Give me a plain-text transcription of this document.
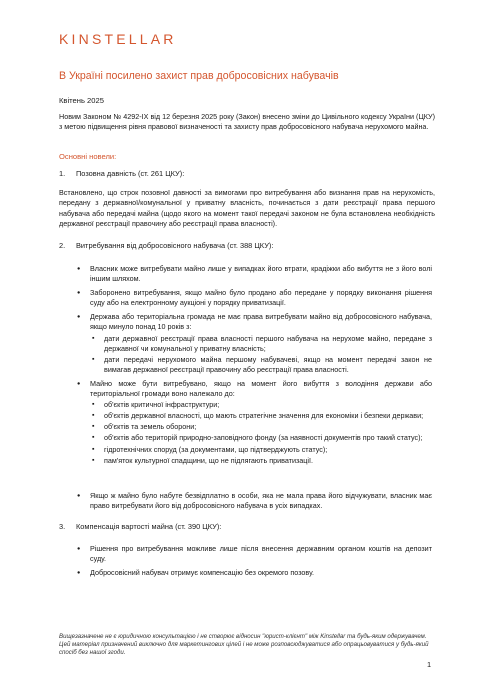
KINSTELLAR
В Україні посилено захист прав добросовісних набувачів
Квітень 2025
Новим Законом № 4292-IX від 12 березня 2025 року (Закон) внесено зміни до Цивільного кодексу України (ЦКУ) з метою підвищення рівня правової визначеності та захисту прав добросовісного набувача нерухомого майна.
Основні новели:
1. Позовна давність (ст. 261 ЦКУ):
Встановлено, що строк позовної давності за вимогами про витребування або визнання прав на нерухомість, передану з державної/комунальної у приватну власність, починається з дати реєстрації права першого набувача або передачі майна (щодо якого на момент такої передачі законом не була встановлена необхідність державної реєстрації правочину або реєстрації права власності).
2. Витребування від добросовісного набувача (ст. 388 ЦКУ):
● Власник може витребувати майно лише у випадках його втрати, крадіжки або вибуття не з його волі іншим шляхом.
● Заборонено витребування, якщо майно було продано або передане у порядку виконання рішення суду або на електронному аукціоні у порядку приватизації.
● Держава або територіальна громада не має права витребувати майно від добросовісного набувача, якщо минуло понад 10 років з:
▪ дати державної реєстрації права власності першого набувача на нерухоме майно, передане з державної чи комунальної у приватну власність;
▪ дати передачі нерухомого майна першому набувачеві, якщо на момент передачі закон не вимагав державної реєстрації правочину або реєстрації права власності.
● Майно може бути витребувано, якщо на момент його вибуття з володіння держави або територіальної громади воно належало до:
▪ об'єктів критичної інфраструктури;
▪ об'єктів державної власності, що мають стратегічне значення для економіки і безпеки держави;
▪ об'єктів та земель оборони;
▪ об'єктів або територій природно-заповідного фонду (за наявності документів про такий статус);
▪ гідротехнічних споруд (за документами, що підтверджують статус);
▪ пам'яток культурної спадщини, що не підлягають приватизації.
● Якщо ж майно було набуте безвідплатно в особи, яка не мала права його відчужувати, власник має право витребувати його від добросовісного набувача в усіх випадках.
3. Компенсація вартості майна (ст. 390 ЦКУ):
● Рішення про витребування можливе лише після внесення державним органом коштів на депозит суду.
● Добросовісний набувач отримує компенсацію без окремого позову.
Вищезазначене не є юридичною консультацією і не створює відносин "юрист-клієнт" між Kinstellar та будь-яким одержувачем. Цей матеріал призначений виключно для маркетингових цілей і не може розповсюджуватися або опрацьовуватися у будь-який спосіб без нашої згоди.
1
